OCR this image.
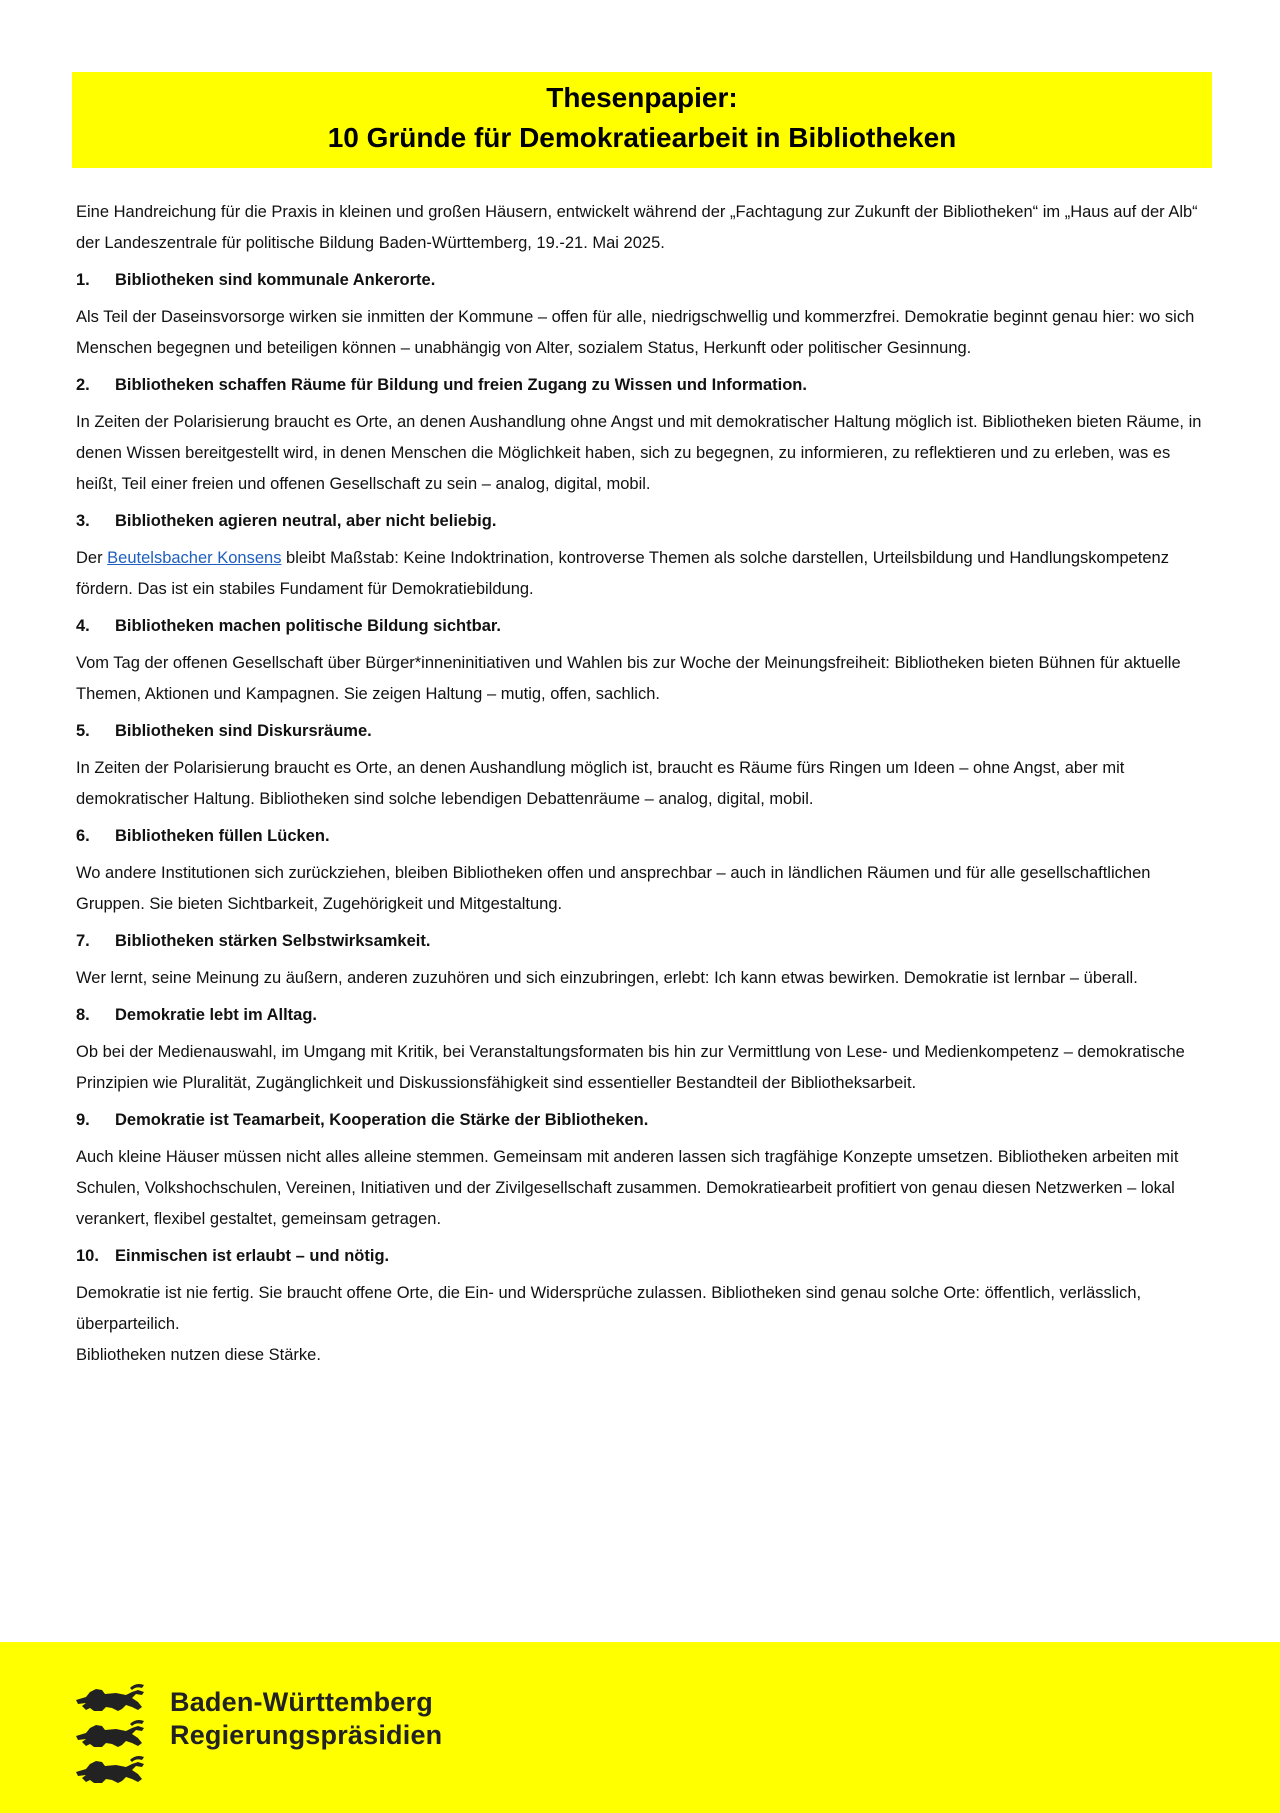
Thesenpapier:
10 Gründe für Demokratiearbeit in Bibliotheken

Eine Handreichung für die Praxis in kleinen und großen Häusern, entwickelt während der „Fachtagung zur Zukunft der Bibliotheken“ im „Haus auf der Alb“ der Landeszentrale für politische Bildung Baden-Württemberg, 19.-21. Mai 2025.

1.	Bibliotheken sind kommunale Ankerorte.

Als Teil der Daseinsvorsorge wirken sie inmitten der Kommune – offen für alle, niedrigschwellig und kommerzfrei. Demokratie beginnt genau hier: wo sich Menschen begegnen und beteiligen können – unabhängig von Alter, sozialem Status, Herkunft oder politischer Gesinnung.

2.	Bibliotheken schaffen Räume für Bildung und freien Zugang zu Wissen und Information.

In Zeiten der Polarisierung braucht es Orte, an denen Aushandlung ohne Angst und mit demokratischer Haltung möglich ist. Bibliotheken bieten Räume, in denen Wissen bereitgestellt wird, in denen Menschen die Möglichkeit haben, sich zu begegnen, zu informieren, zu reflektieren und zu erleben, was es heißt, Teil einer freien und offenen Gesellschaft zu sein – analog, digital, mobil.

3.	Bibliotheken agieren neutral, aber nicht beliebig.

Der Beutelsbacher Konsens bleibt Maßstab: Keine Indoktrination, kontroverse Themen als solche darstellen, Urteilsbildung und Handlungskompetenz fördern. Das ist ein stabiles Fundament für Demokratiebildung.

4.	Bibliotheken machen politische Bildung sichtbar.

Vom Tag der offenen Gesellschaft über Bürger*inneninitiativen und Wahlen bis zur Woche der Meinungsfreiheit: Bibliotheken bieten Bühnen für aktuelle Themen, Aktionen und Kampagnen. Sie zeigen Haltung – mutig, offen, sachlich.

5.	Bibliotheken sind Diskursräume.

In Zeiten der Polarisierung braucht es Orte, an denen Aushandlung möglich ist, braucht es Räume fürs Ringen um Ideen – ohne Angst, aber mit demokratischer Haltung. Bibliotheken sind solche lebendigen Debattenräume – analog, digital, mobil.

6.	Bibliotheken füllen Lücken.

Wo andere Institutionen sich zurückziehen, bleiben Bibliotheken offen und ansprechbar – auch in ländlichen Räumen und für alle gesellschaftlichen Gruppen. Sie bieten Sichtbarkeit, Zugehörigkeit und Mitgestaltung.

7.	Bibliotheken stärken Selbstwirksamkeit.

Wer lernt, seine Meinung zu äußern, anderen zuzuhören und sich einzubringen, erlebt: Ich kann etwas bewirken. Demokratie ist lernbar – überall.

8.	Demokratie lebt im Alltag.

Ob bei der Medienauswahl, im Umgang mit Kritik, bei Veranstaltungsformaten bis hin zur Vermittlung von Lese- und Medienkompetenz – demokratische Prinzipien wie Pluralität, Zugänglichkeit und Diskussionsfähigkeit sind essentieller Bestandteil der Bibliotheksarbeit.

9.	Demokratie ist Teamarbeit, Kooperation die Stärke der Bibliotheken.

Auch kleine Häuser müssen nicht alles alleine stemmen. Gemeinsam mit anderen lassen sich tragfähige Konzepte umsetzen. Bibliotheken arbeiten mit Schulen, Volkshochschulen, Vereinen, Initiativen und der Zivilgesellschaft zusammen. Demokratiearbeit profitiert von genau diesen Netzwerken – lokal verankert, flexibel gestaltet, gemeinsam getragen.

10. Einmischen ist erlaubt – und nötig.

Demokratie ist nie fertig. Sie braucht offene Orte, die Ein- und Widersprüche zulassen. Bibliotheken sind genau solche Orte: öffentlich, verlässlich, überparteilich.

Bibliotheken nutzen diese Stärke.

Baden-Württemberg
Regierungspräsidien
